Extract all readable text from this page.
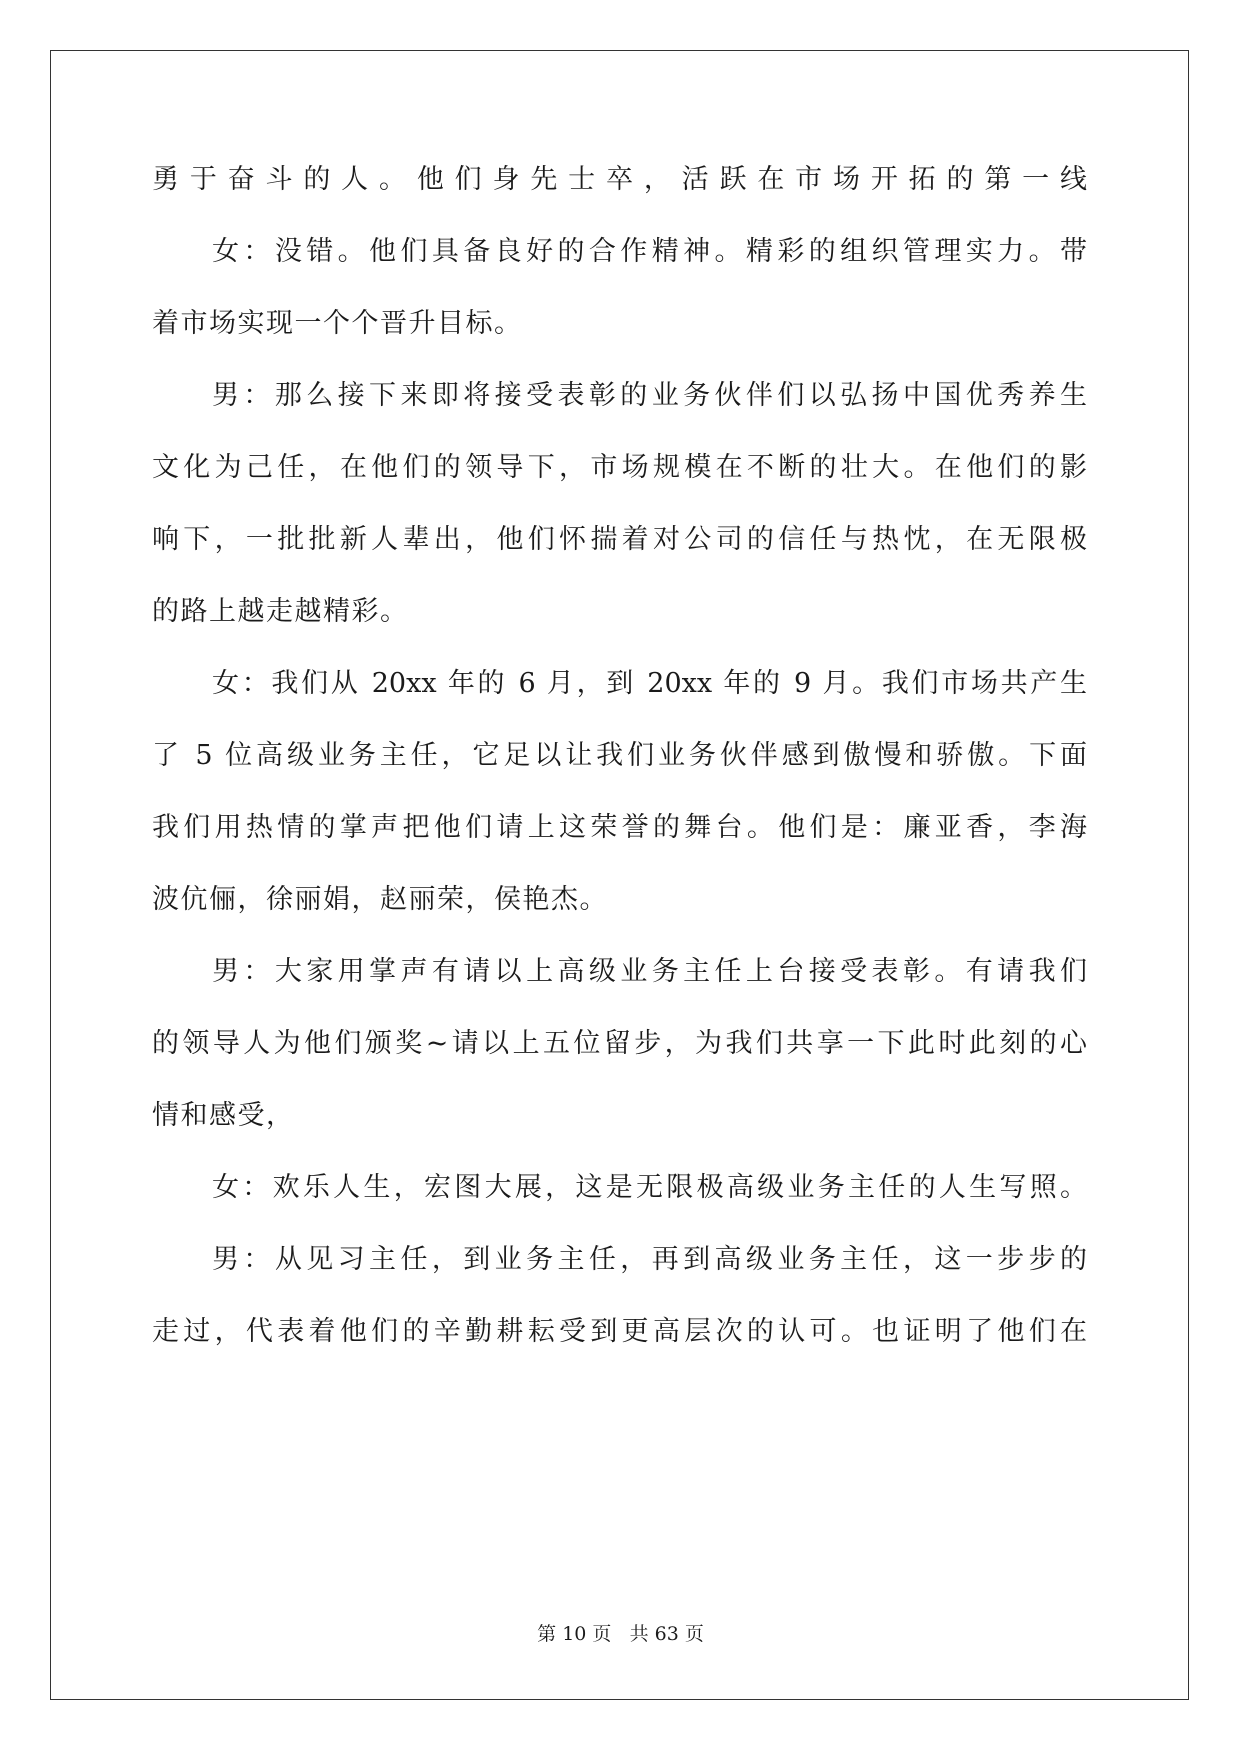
勇于奋斗的人。他们身先士卒，活跃在市场开拓的第一线
女：没错。他们具备良好的合作精神。精彩的组织管理实力。带
着市场实现一个个晋升目标。
男：那么接下来即将接受表彰的业务伙伴们以弘扬中国优秀养生
文化为己任，在他们的领导下，市场规模在不断的壮大。在他们的影
响下，一批批新人辈出，他们怀揣着对公司的信任与热忱，在无限极
的路上越走越精彩。
女：我们从 20xx 年的 6 月，到 20xx 年的 9 月。我们市场共产生
了 5 位高级业务主任，它足以让我们业务伙伴感到傲慢和骄傲。下面
我们用热情的掌声把他们请上这荣誉的舞台。他们是：廉亚香，李海
波伉俪，徐丽娟，赵丽荣，侯艳杰。
男：大家用掌声有请以上高级业务主任上台接受表彰。有请我们
的领导人为他们颁奖~请以上五位留步，为我们共享一下此时此刻的心
情和感受，
女：欢乐人生，宏图大展，这是无限极高级业务主任的人生写照。
男：从见习主任，到业务主任，再到高级业务主任，这一步步的
走过，代表着他们的辛勤耕耘受到更高层次的认可。也证明了他们在
第 10 页 共 63 页
